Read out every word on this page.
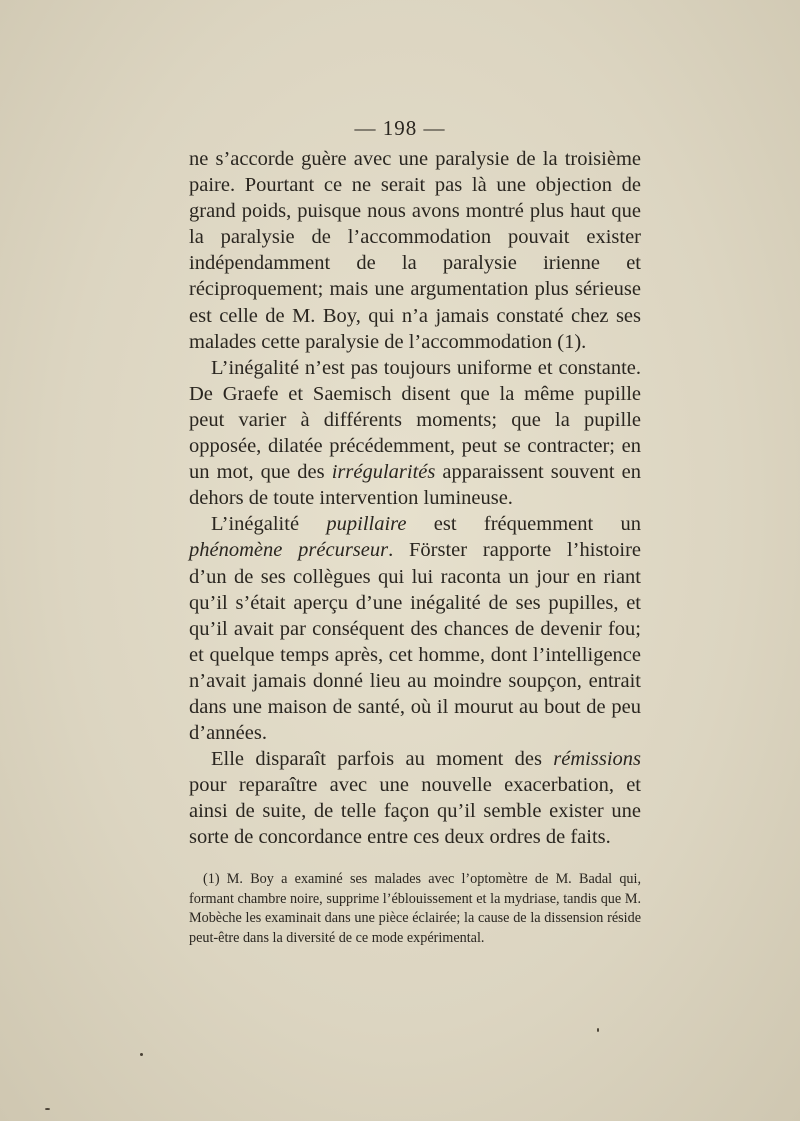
— 198 —

ne s’accorde guère avec une paralysie de la troisième paire. Pourtant ce ne serait pas là une objection de grand poids, puisque nous avons montré plus haut que la paralysie de l’accommodation pouvait exister indépendamment de la paralysie irienne et réciproquement; mais une argumentation plus sérieuse est celle de M. Boy, qui n’a jamais constaté chez ses malades cette paralysie de l’accommodation (1).

L’inégalité n’est pas toujours uniforme et constante. De Graefe et Saemisch disent que la même pupille peut varier à différents moments; que la pupille opposée, dilatée précédemment, peut se contracter; en un mot, que des irrégularités apparaissent souvent en dehors de toute intervention lumineuse.

L’inégalité pupillaire est fréquemment un phénomène précurseur. Förster rapporte l’histoire d’un de ses collègues qui lui raconta un jour en riant qu’il s’était aperçu d’une inégalité de ses pupilles, et qu’il avait par conséquent des chances de devenir fou; et quelque temps après, cet homme, dont l’intelligence n’avait jamais donné lieu au moindre soupçon, entrait dans une maison de santé, où il mourut au bout de peu d’années.

Elle disparaît parfois au moment des rémissions pour reparaître avec une nouvelle exacerbation, et ainsi de suite, de telle façon qu’il semble exister une sorte de concordance entre ces deux ordres de faits.

(1) M. Boy a examiné ses malades avec l’optomètre de M. Badal qui, formant chambre noire, supprime l’éblouissement et la mydriase, tandis que M. Mobèche les examinait dans une pièce éclairée; la cause de la dissension réside peut-être dans la diversité de ce mode expérimental.
